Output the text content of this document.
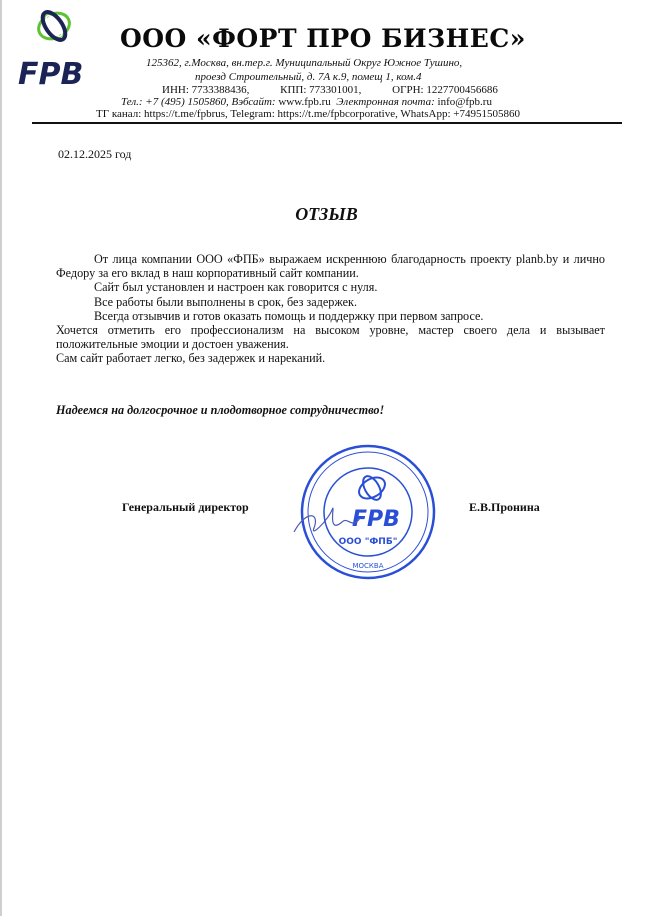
FPB
ООО «ФОРТ ПРО БИЗНЕС»
125362, г.Москва, вн.тер.г. Муниципальный Округ Южное Тушино,
проезд Строительный, д. 7А к.9, помещ 1, ком.4
ИНН: 7733388436,	КПП: 773301001,	ОГРН: 1227700456686
Тел.: +7 (495) 1505860, Вэбсайт: www.fpb.ru Электронная почта: info@fpb.ru
ТГ канал: https://t.me/fpbrus, Telegram: https://t.me/fpbcorporative, WhatsApp: +74951505860
02.12.2025 год
ОТЗЫВ

От лица компании ООО «ФПБ» выражаем искреннюю благодарность проекту planb.by и лично Федору за его вклад в наш корпоративный сайт компании.

Сайт был установлен и настроен как говорится с нуля.

Все работы были выполнены в срок, без задержек.

Всегда отзывчив и готов оказать помощь и поддержку при первом запросе.

Хочется отметить его профессионализм на высоком уровне, мастер своего дела и вызывает положительные эмоции и достоен уважения.

Сам сайт работает легко, без задержек и нареканий.

Надеемся на долгосрочное и плодотворное сотрудничество!
Генеральный директор	Е.В.Пронина
FPB
ООО "ФПБ"
МОСКВА
